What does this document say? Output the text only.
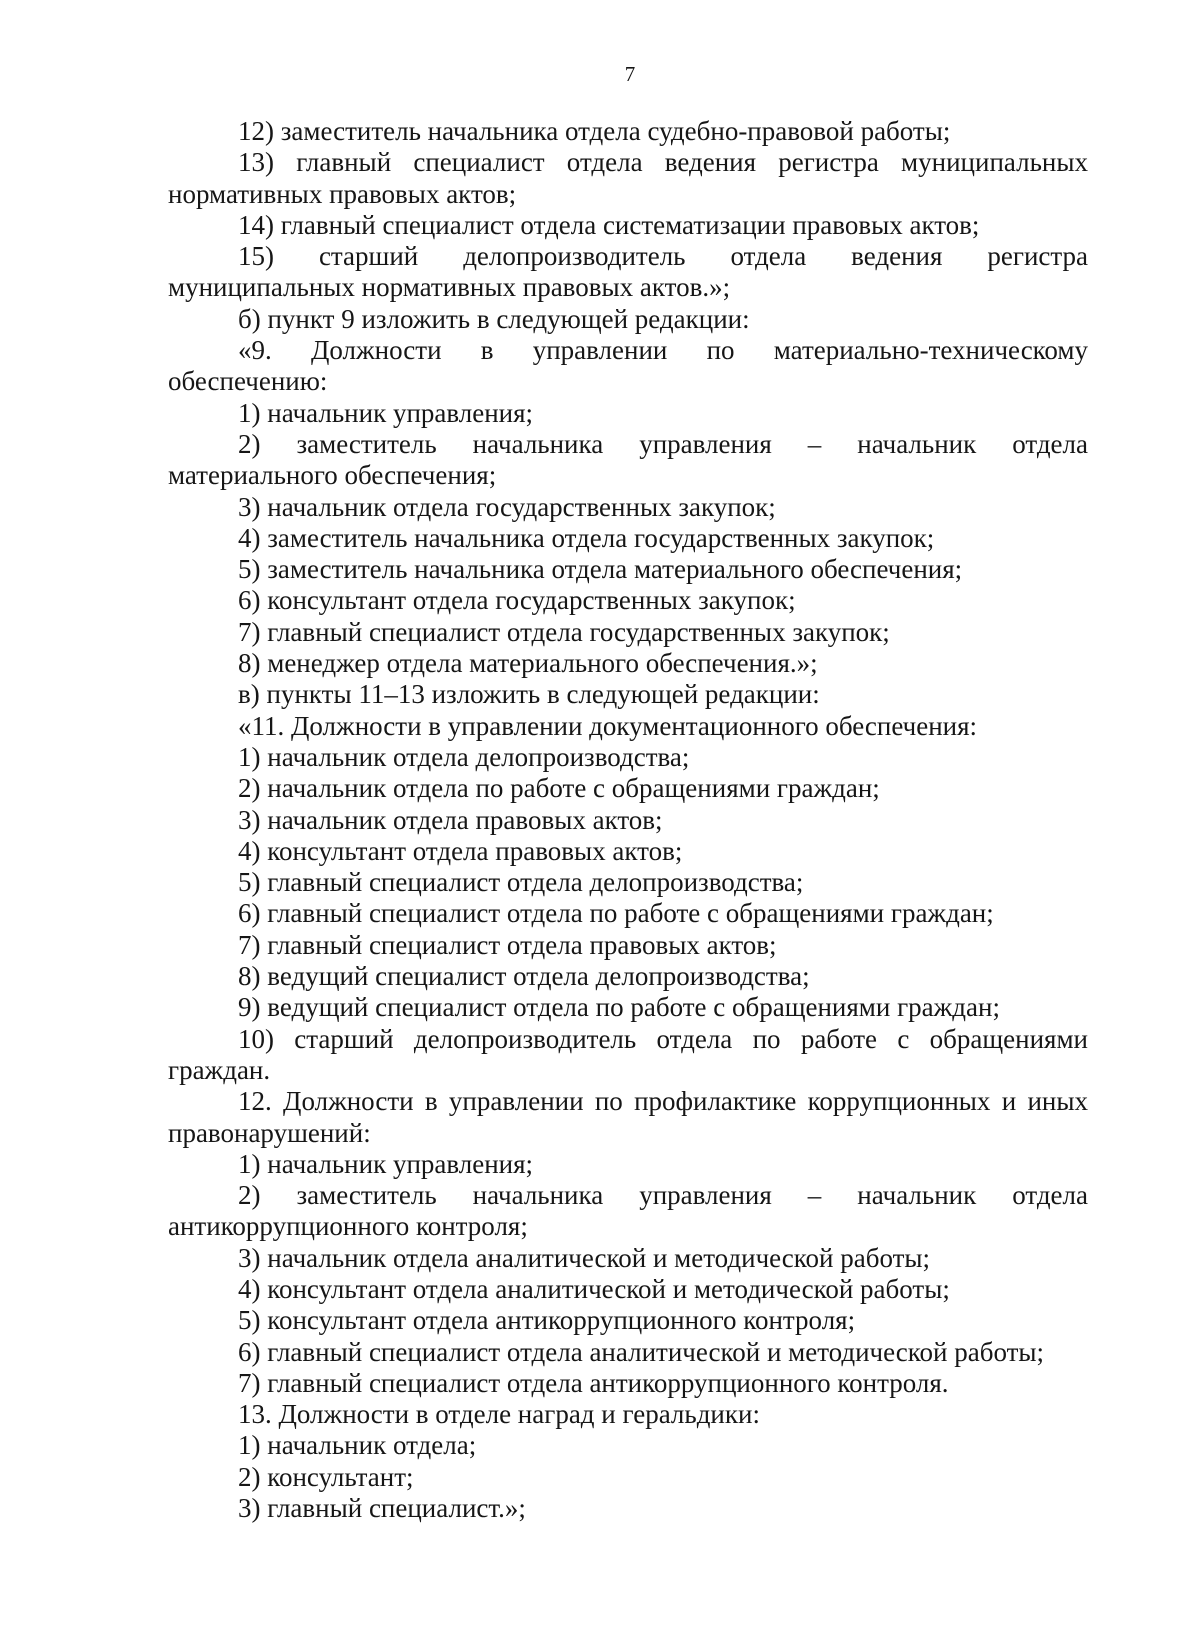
7
12) заместитель начальника отдела судебно-правовой работы;
13) главный специалист отдела ведения регистра муниципальных
нормативных правовых актов;
14) главный специалист отдела систематизации правовых актов;
15) старший делопроизводитель отдела ведения регистра
муниципальных нормативных правовых актов.»;
б) пункт 9 изложить в следующей редакции:
«9. Должности в управлении по материально-техническому
обеспечению:
1) начальник управления;
2) заместитель начальника управления – начальник отдела
материального обеспечения;
3) начальник отдела государственных закупок;
4) заместитель начальника отдела государственных закупок;
5) заместитель начальника отдела материального обеспечения;
6) консультант отдела государственных закупок;
7) главный специалист отдела государственных закупок;
8) менеджер отдела материального обеспечения.»;
в) пункты 11–13 изложить в следующей редакции:
«11. Должности в управлении документационного обеспечения:
1) начальник отдела делопроизводства;
2) начальник отдела по работе с обращениями граждан;
3) начальник отдела правовых актов;
4) консультант отдела правовых актов;
5) главный специалист отдела делопроизводства;
6) главный специалист отдела по работе с обращениями граждан;
7) главный специалист отдела правовых актов;
8) ведущий специалист отдела делопроизводства;
9) ведущий специалист отдела по работе с обращениями граждан;
10) старший делопроизводитель отдела по работе с обращениями
граждан.
12. Должности в управлении по профилактике коррупционных и иных
правонарушений:
1) начальник управления;
2) заместитель начальника управления – начальник отдела
антикоррупционного контроля;
3) начальник отдела аналитической и методической работы;
4) консультант отдела аналитической и методической работы;
5) консультант отдела антикоррупционного контроля;
6) главный специалист отдела аналитической и методической работы;
7) главный специалист отдела антикоррупционного контроля.
13. Должности в отделе наград и геральдики:
1) начальник отдела;
2) консультант;
3) главный специалист.»;
